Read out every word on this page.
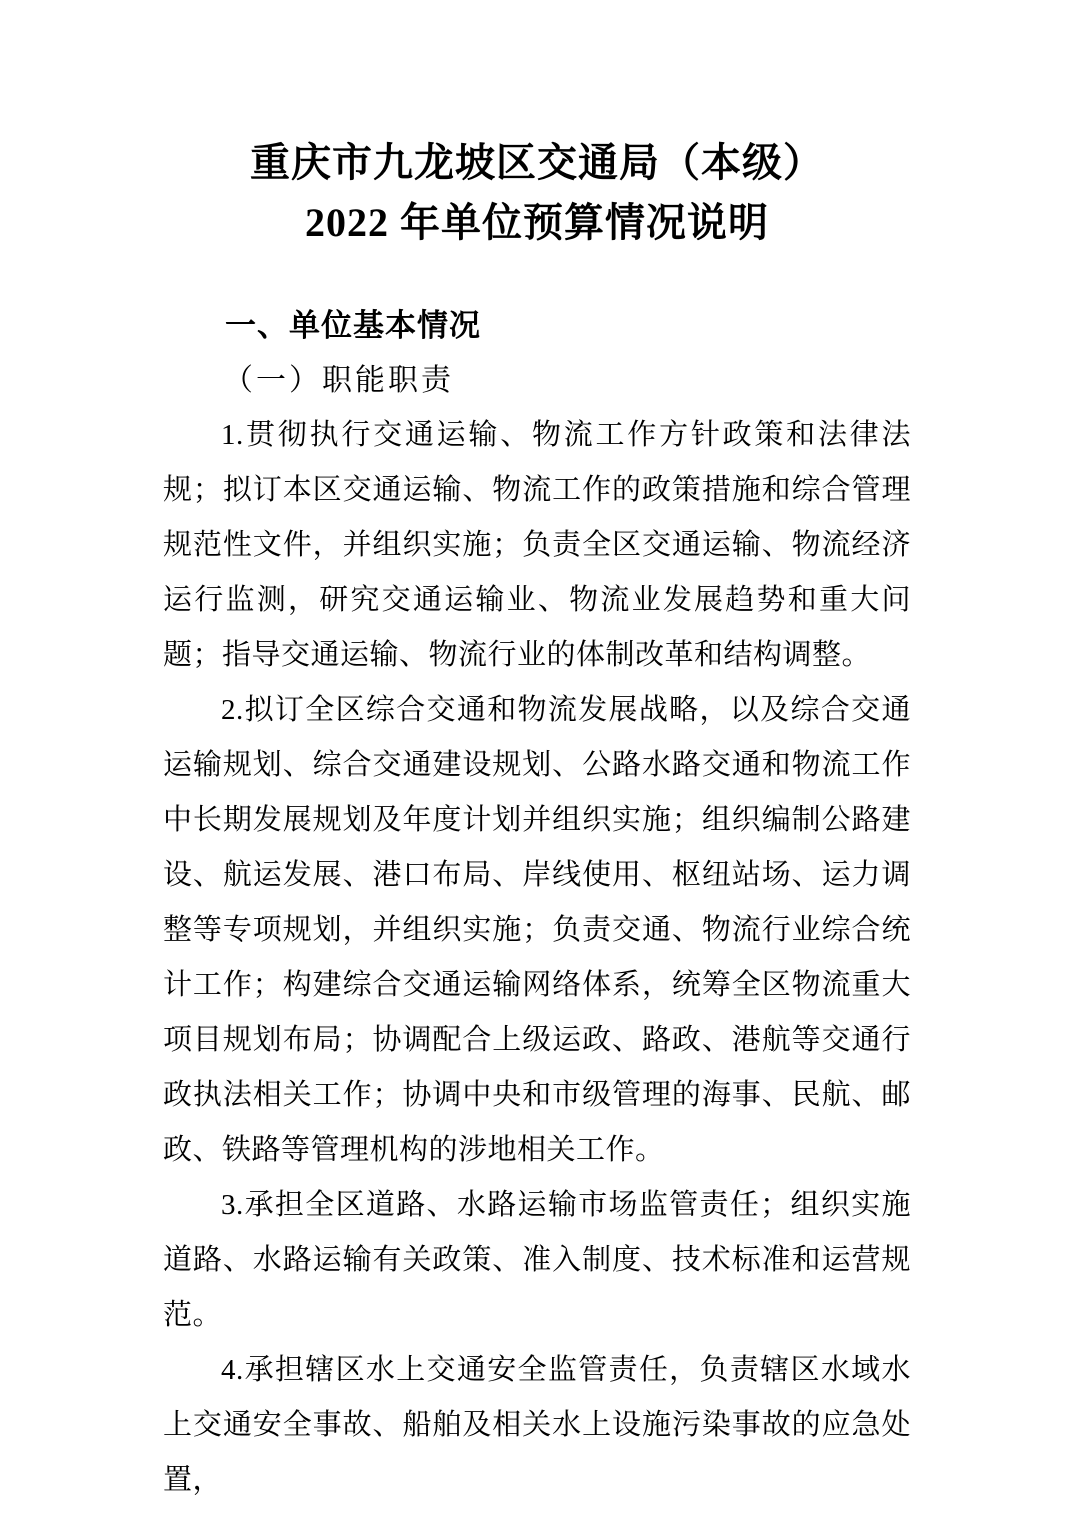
重庆市九龙坡区交通局（本级）
2022 年单位预算情况说明
一、单位基本情况
（一）职能职责

1.贯彻执行交通运输、物流工作方针政策和法律法规；拟订本区交通运输、物流工作的政策措施和综合管理规范性文件，并组织实施；负责全区交通运输、物流经济运行监测，研究交通运输业、物流业发展趋势和重大问题；指导交通运输、物流行业的体制改革和结构调整。

2.拟订全区综合交通和物流发展战略，以及综合交通运输规划、综合交通建设规划、公路水路交通和物流工作中长期发展规划及年度计划并组织实施；组织编制公路建设、航运发展、港口布局、岸线使用、枢纽站场、运力调整等专项规划，并组织实施；负责交通、物流行业综合统计工作；构建综合交通运输网络体系，统筹全区物流重大项目规划布局；协调配合上级运政、路政、港航等交通行政执法相关工作；协调中央和市级管理的海事、民航、邮政、铁路等管理机构的涉地相关工作。

3.承担全区道路、水路运输市场监管责任；组织实施道路、水路运输有关政策、准入制度、技术标准和运营规范。

4.承担辖区水上交通安全监管责任，负责辖区水域水上交通安全事故、船舶及相关水上设施污染事故的应急处置，
